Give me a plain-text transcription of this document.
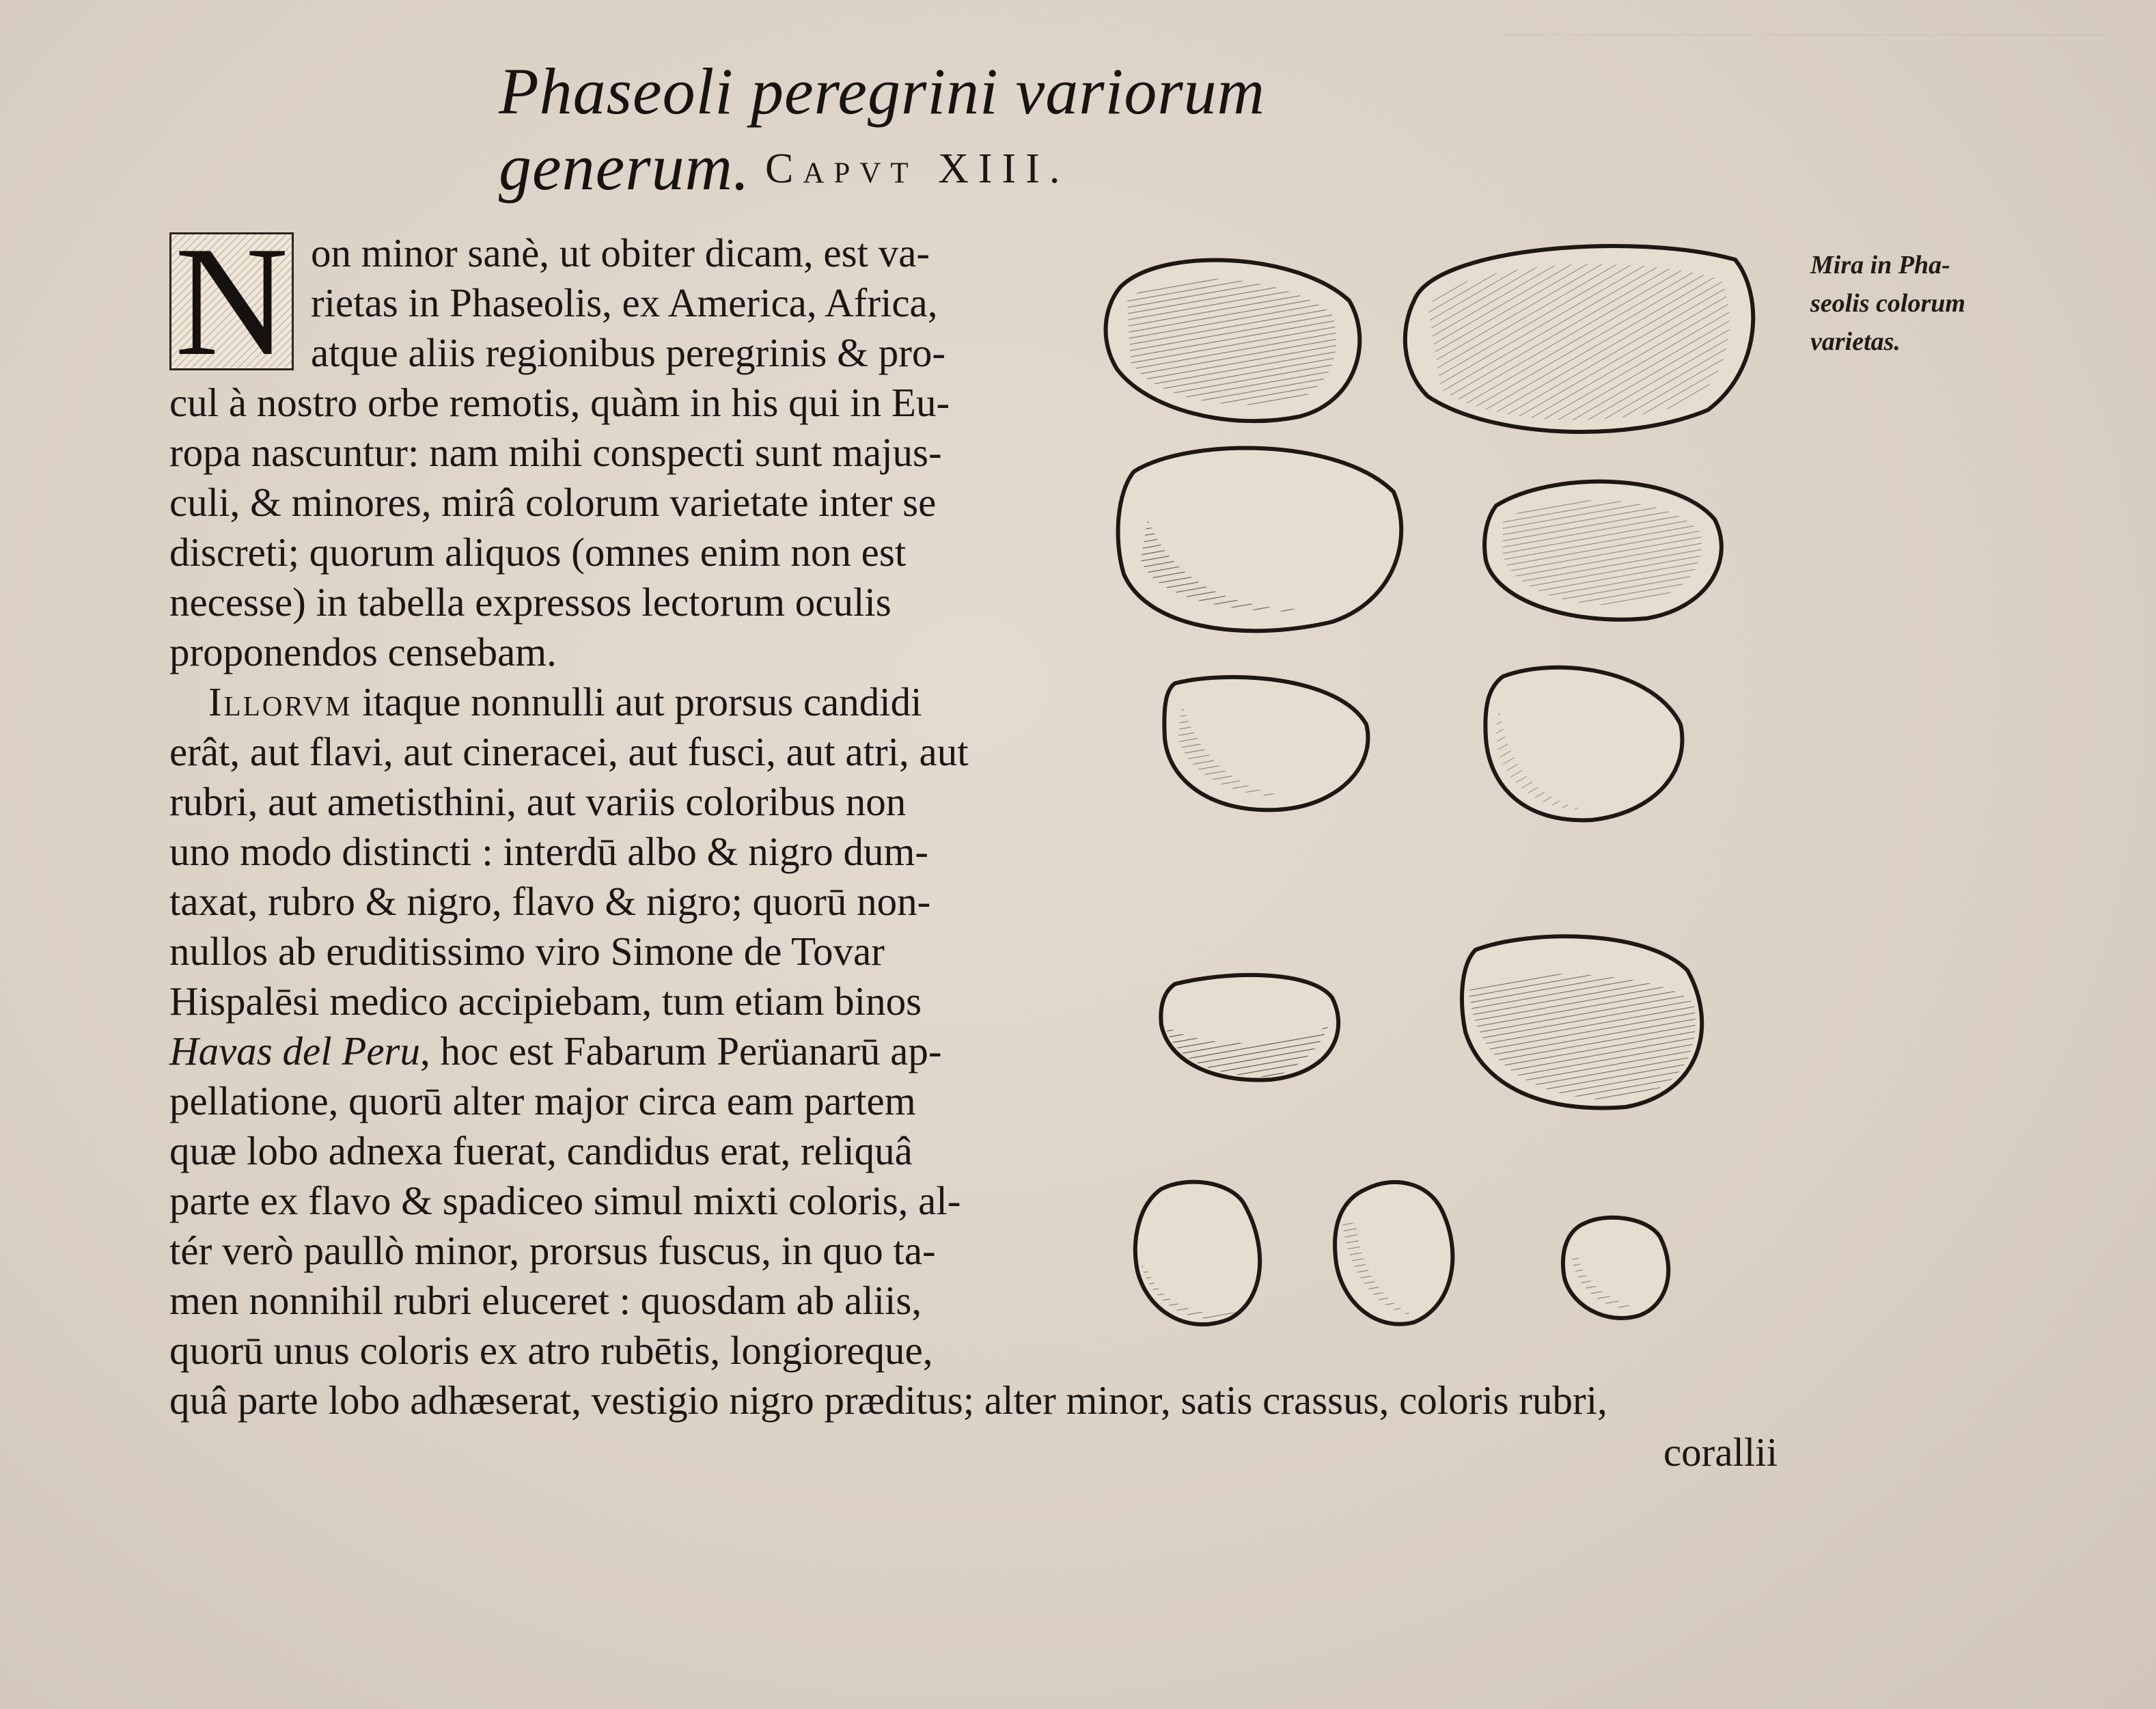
Phaseoli peregrini variorum generum. Capvt XIII.
N on minor sanè, ut obiter dicam, est va-
rietas in Phaseolis, ex America, Africa,
atque aliis regionibus peregrinis & pro-
cul à nostro orbe remotis, quàm in his qui in Eu-
ropa nascuntur: nam mihi conspecti sunt majus-
culi, & minores, mirâ colorum varietate inter se
discreti; quorum aliquos (omnes enim non est
necesse) in tabella expressos lectorum oculis
proponendos censebam.
Illorvm itaque nonnulli aut prorsus candidi
erât, aut flavi, aut cineracei, aut fusci, aut atri, aut
rubri, aut ametisthini, aut variis coloribus non
uno modo distincti : interdū albo & nigro dum-
taxat, rubro & nigro, flavo & nigro; quorū non-
nullos ab eruditissimo viro Simone de Tovar
Hispalēsi medico accipiebam, tum etiam binos
Havas del Peru, hoc est Fabarum Perüanarū ap-
pellatione, quorū alter major circa eam partem
quæ lobo adnexa fuerat, candidus erat, reliquâ
parte ex flavo & spadiceo simul mixti coloris, al-
tér verò paullò minor, prorsus fuscus, in quo ta-
men nonnihil rubri eluceret : quosdam ab aliis,
quorū unus coloris ex atro rubētis, longioreque,
quâ parte lobo adhæserat, vestigio nigro præditus; alter minor, satis crassus, coloris rubri,
corallii
Mira in Pha-
seolis colorum
varietas.
